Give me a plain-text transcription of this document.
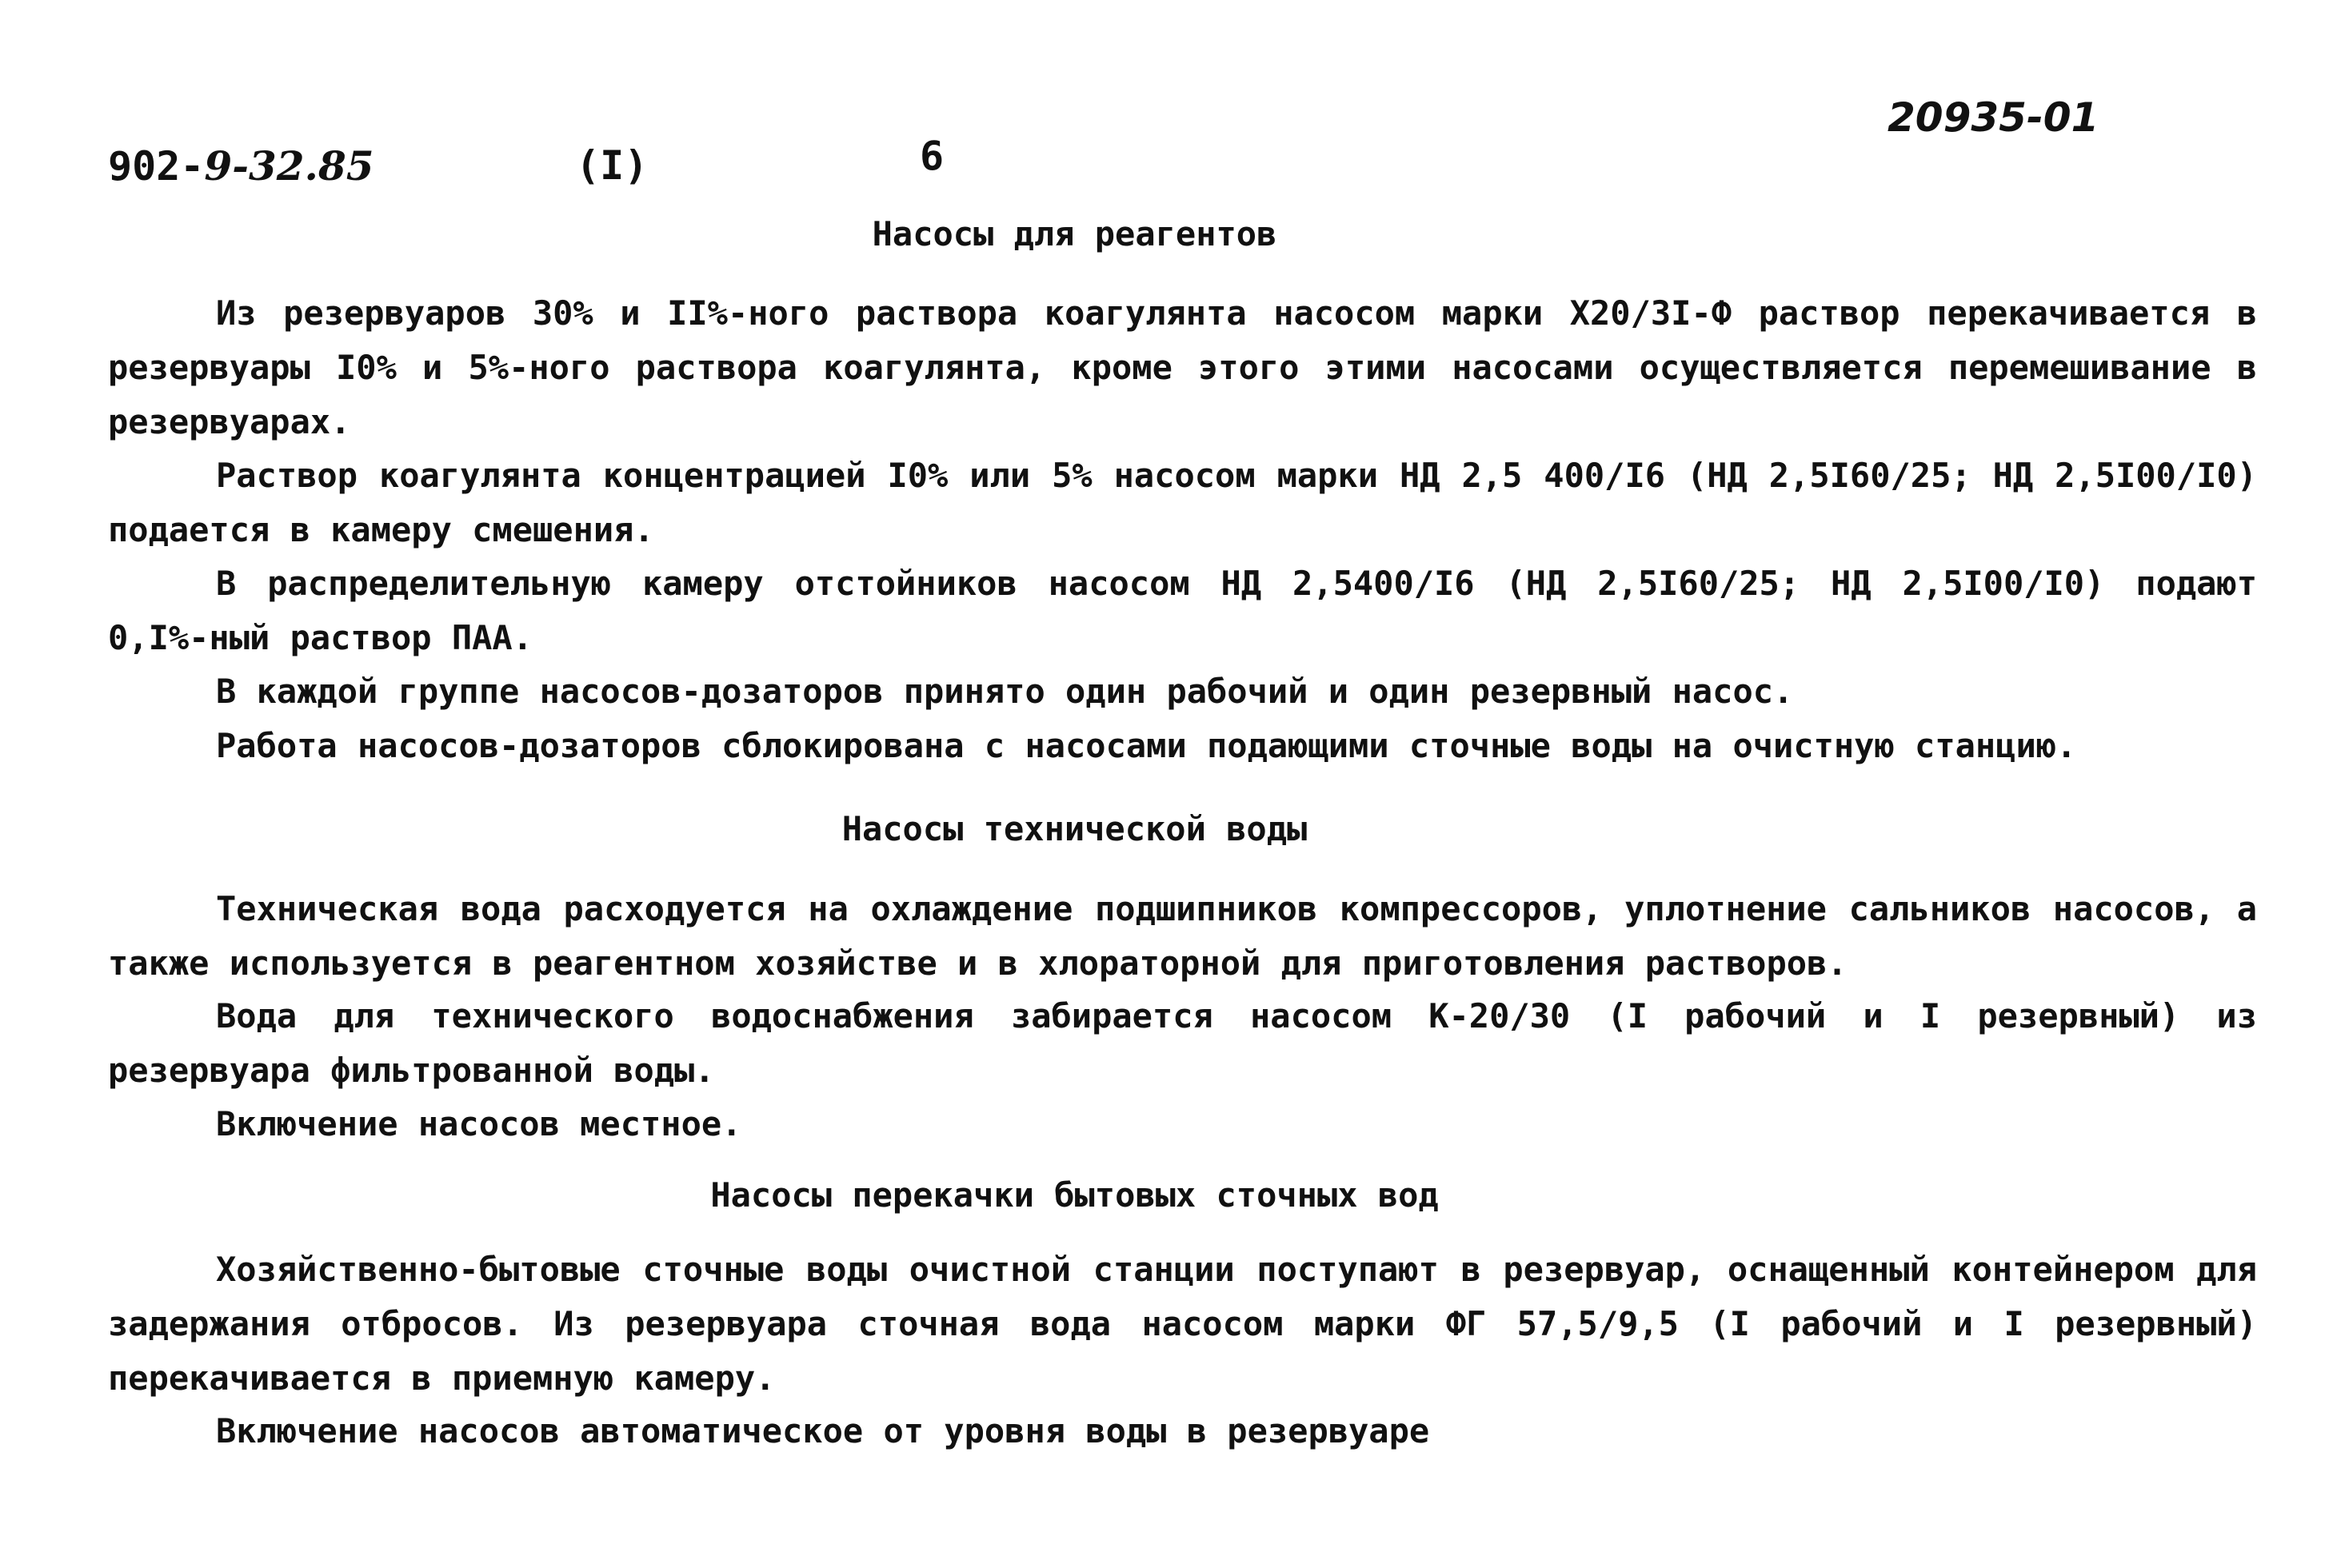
902-9-32.85	(I)	6
20935-01
Насосы для реагентов

Из резервуаров 30% и II%-ного раствора коагулянта насосом марки Х20/3I-Ф раствор перекачивается в резервуары I0% и 5%-ного раствора коагулянта, кроме этого этими насосами осуществляется перемешивание в резервуарах.

Раствор коагулянта концентрацией I0% или 5% насосом марки НД 2,5 400/I6 (НД 2,5I60/25; НД 2,5I00/I0) подается в камеру смешения.

В распределительную камеру отстойников насосом НД 2,5400/I6 (НД 2,5I60/25; НД 2,5I00/I0) подают 0,I%-ный раствор ПАА.

В каждой группе насосов-дозаторов принято один рабочий и один резервный насос.

Работа насосов-дозаторов сблокирована с насосами подающими сточные воды на очистную станцию.

Насосы технической воды

Техническая вода расходуется на охлаждение подшипников компрессоров, уплотнение сальников насосов, а также используется в реагентном хозяйстве и в хлораторной для приготовления растворов.

Вода для технического водоснабжения забирается насосом К-20/30 (I рабочий и I резервный) из резервуара фильтрованной воды.

Включение насосов местное.

Насосы перекачки бытовых сточных вод

Хозяйственно-бытовые сточные воды очистной станции поступают в резервуар, оснащенный контейнером для задержания отбросов. Из резервуара сточная вода насосом марки ФГ 57,5/9,5 (I рабочий и I резервный) перекачивается в приемную камеру.

Включение насосов автоматическое от уровня воды в резервуаре
